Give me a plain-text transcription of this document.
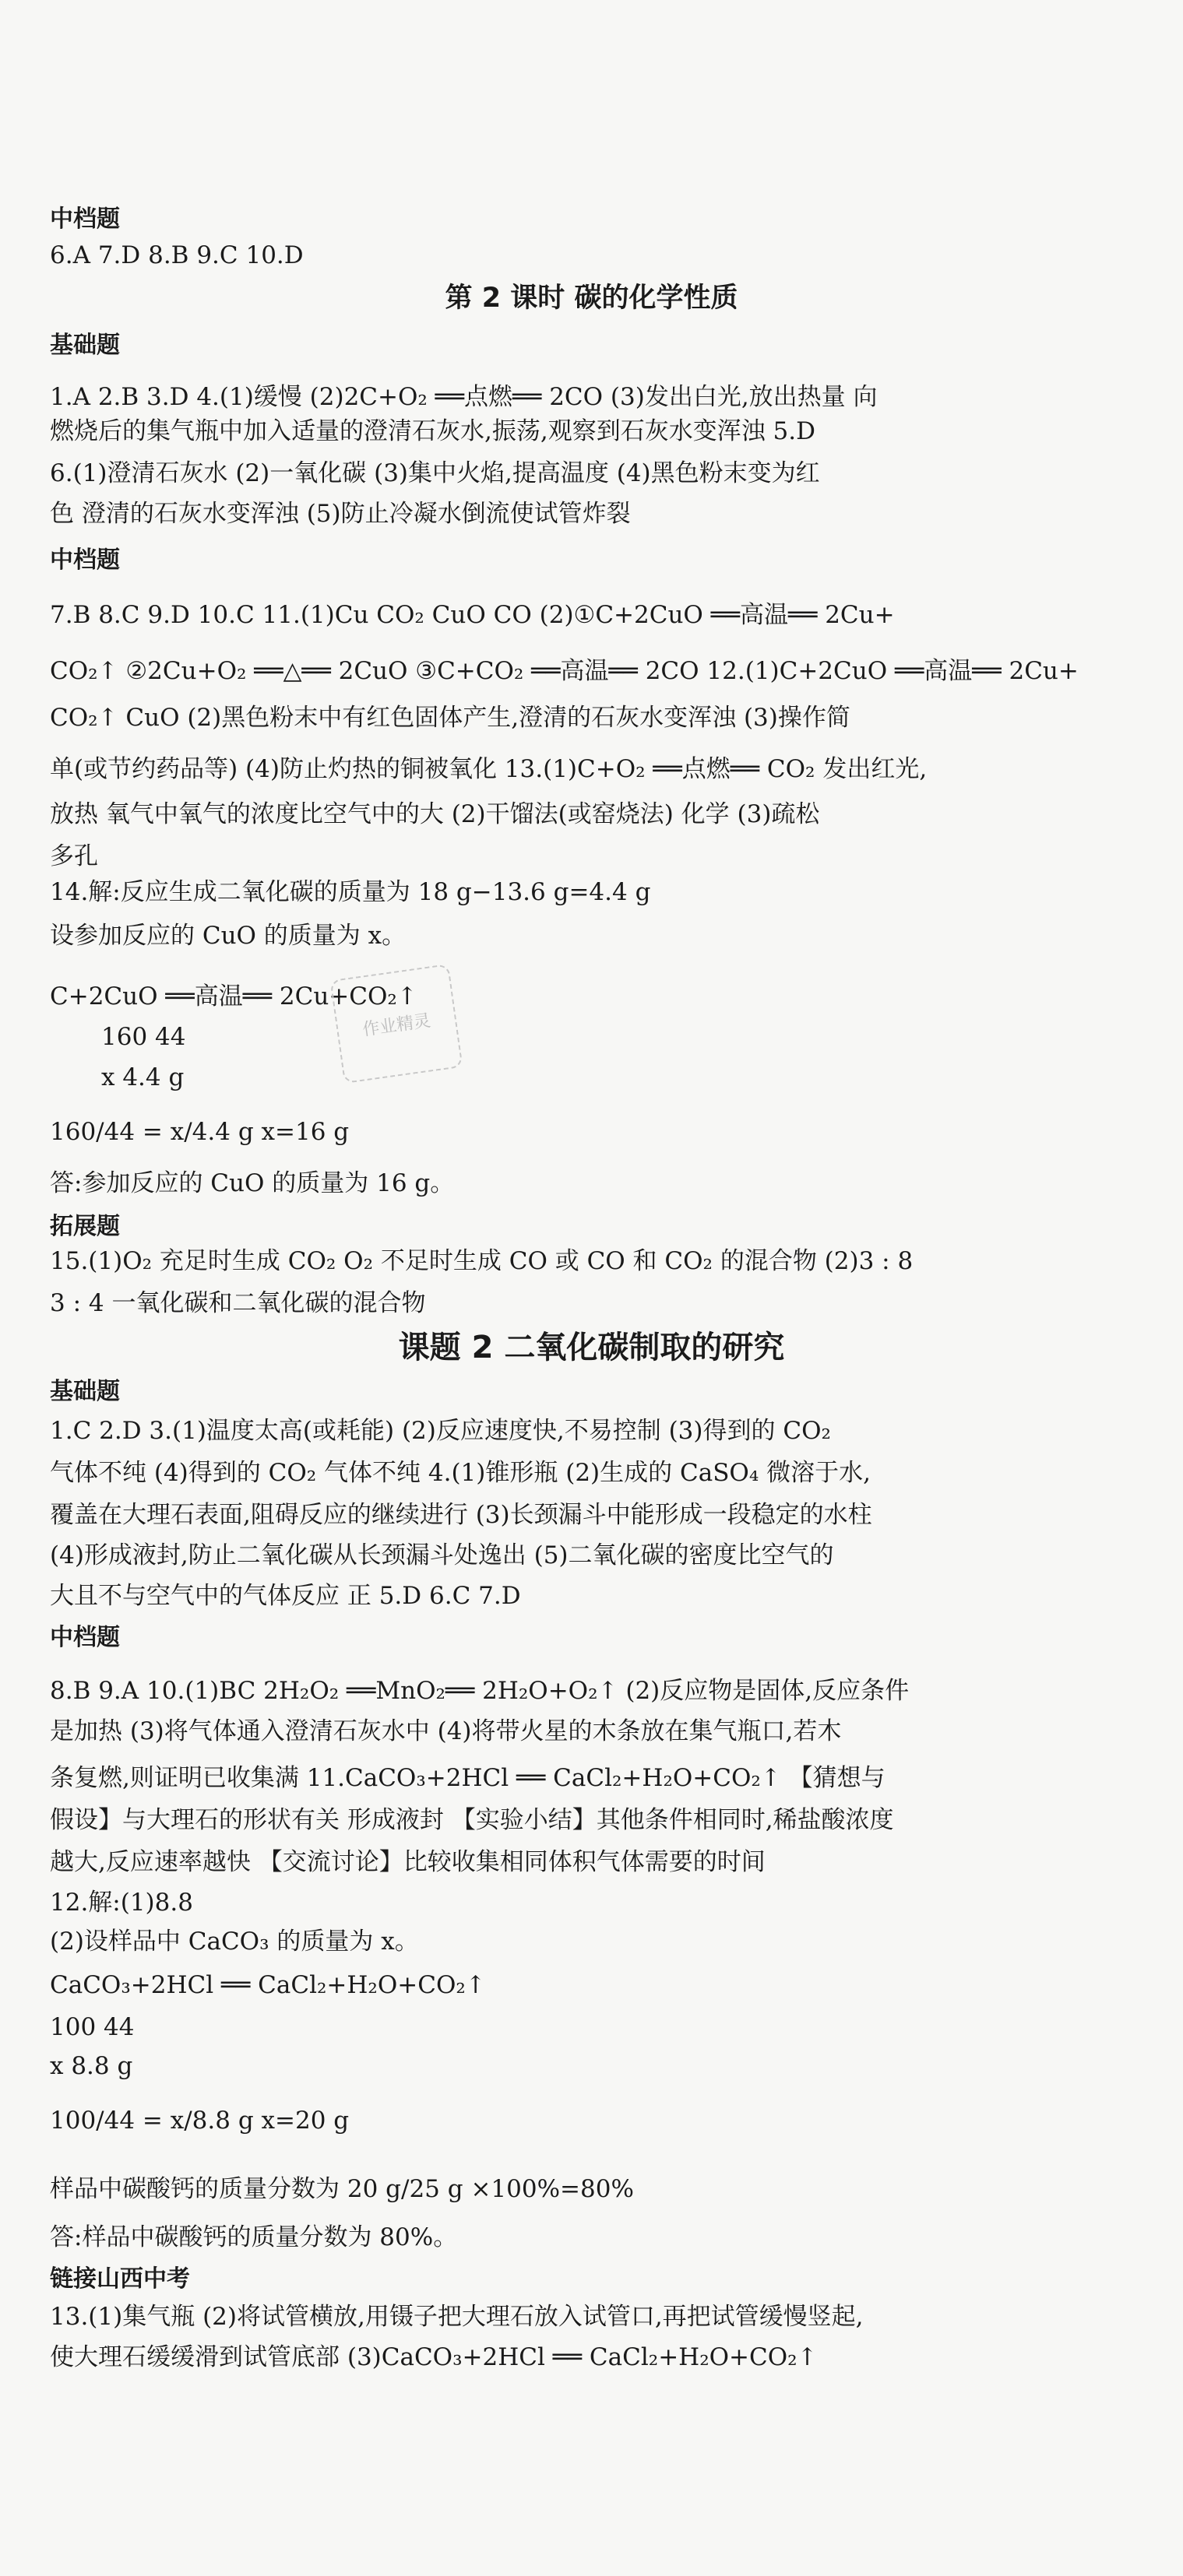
中档题
6.A 7.D 8.B 9.C 10.D
第 2 课时 碳的化学性质
基础题
1.A 2.B 3.D 4.(1)缓慢 (2)2C+O₂ ══点燃══ 2CO (3)发出白光,放出热量 向
燃烧后的集气瓶中加入适量的澄清石灰水,振荡,观察到石灰水变浑浊 5.D
6.(1)澄清石灰水 (2)一氧化碳 (3)集中火焰,提高温度 (4)黑色粉末变为红
色 澄清的石灰水变浑浊 (5)防止冷凝水倒流使试管炸裂
中档题
7.B 8.C 9.D 10.C 11.(1)Cu CO₂ CuO CO (2)①C+2CuO ══高温══ 2Cu+
CO₂↑ ②2Cu+O₂ ══△══ 2CuO ③C+CO₂ ══高温══ 2CO 12.(1)C+2CuO ══高温══ 2Cu+
CO₂↑ CuO (2)黑色粉末中有红色固体产生,澄清的石灰水变浑浊 (3)操作简
单(或节约药品等) (4)防止灼热的铜被氧化 13.(1)C+O₂ ══点燃══ CO₂ 发出红光,
放热 氧气中氧气的浓度比空气中的大 (2)干馏法(或窑烧法) 化学 (3)疏松
多孔
14.解:反应生成二氧化碳的质量为 18 g−13.6 g=4.4 g
设参加反应的 CuO 的质量为 x。
C+2CuO ══高温══ 2Cu+CO₂↑
160 44
x 4.4 g
160/44 = x/4.4 g x=16 g
答:参加反应的 CuO 的质量为 16 g。
作业精灵
拓展题
15.(1)O₂ 充足时生成 CO₂ O₂ 不足时生成 CO 或 CO 和 CO₂ 的混合物 (2)3 : 8
3 : 4 一氧化碳和二氧化碳的混合物
课题 2 二氧化碳制取的研究
基础题
1.C 2.D 3.(1)温度太高(或耗能) (2)反应速度快,不易控制 (3)得到的 CO₂
气体不纯 (4)得到的 CO₂ 气体不纯 4.(1)锥形瓶 (2)生成的 CaSO₄ 微溶于水,
覆盖在大理石表面,阻碍反应的继续进行 (3)长颈漏斗中能形成一段稳定的水柱
(4)形成液封,防止二氧化碳从长颈漏斗处逸出 (5)二氧化碳的密度比空气的
大且不与空气中的气体反应 正 5.D 6.C 7.D
中档题
8.B 9.A 10.(1)BC 2H₂O₂ ══MnO₂══ 2H₂O+O₂↑ (2)反应物是固体,反应条件
是加热 (3)将气体通入澄清石灰水中 (4)将带火星的木条放在集气瓶口,若木
条复燃,则证明已收集满 11.CaCO₃+2HCl ══ CaCl₂+H₂O+CO₂↑ 【猜想与
假设】与大理石的形状有关 形成液封 【实验小结】其他条件相同时,稀盐酸浓度
越大,反应速率越快 【交流讨论】比较收集相同体积气体需要的时间
12.解:(1)8.8
(2)设样品中 CaCO₃ 的质量为 x。
CaCO₃+2HCl ══ CaCl₂+H₂O+CO₂↑
100 44
x 8.8 g
100/44 = x/8.8 g x=20 g
样品中碳酸钙的质量分数为 20 g/25 g ×100%=80%
答:样品中碳酸钙的质量分数为 80%。
链接山西中考
13.(1)集气瓶 (2)将试管横放,用镊子把大理石放入试管口,再把试管缓慢竖起,
使大理石缓缓滑到试管底部 (3)CaCO₃+2HCl ══ CaCl₂+H₂O+CO₂↑
